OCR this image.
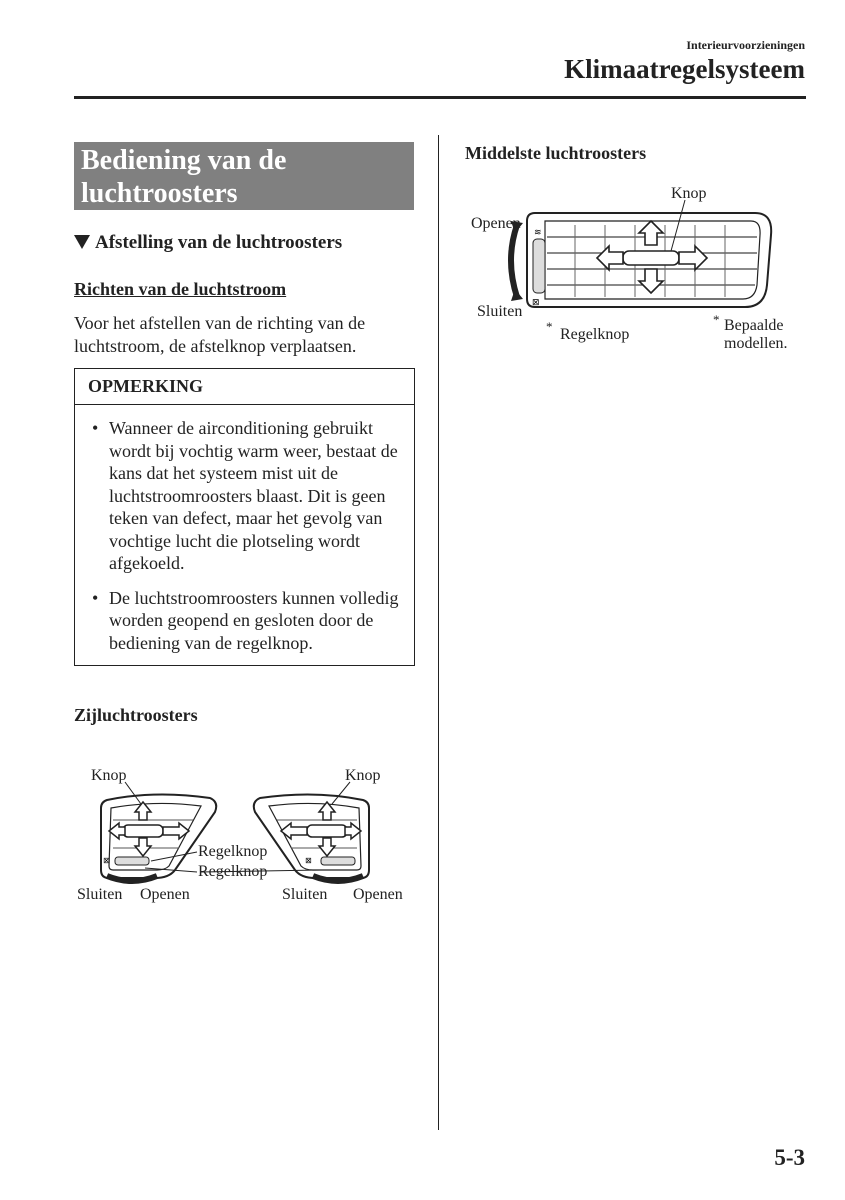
Interieurvoorzieningen
Klimaatregelsysteem
Bediening van de
luchtroosters
Afstelling van de luchtroosters
Richten van de luchtstroom
Voor het afstellen van de richting van de luchtstroom, de afstelknop verplaatsen.
OPMERKING
• Wanneer de airconditioning gebruikt wordt bij vochtig warm weer, bestaat de kans dat het systeem mist uit de luchtstroomroosters blaast. Dit is geen teken van defect, maar het gevolg van vochtige lucht die plotseling wordt afgekoeld.
• De luchtstroomroosters kunnen volledig worden geopend en gesloten door de bediening van de regelknop.
Zijluchtroosters
⊠
Knop
Regelknop
Sluiten Openen
⊠
Regelknop
Knop
Sluiten Openen
Middelste luchtroosters
⊠
≋
Knop
Openen
Sluiten
* Regelknop
* Bepaalde
modellen.
5-3
